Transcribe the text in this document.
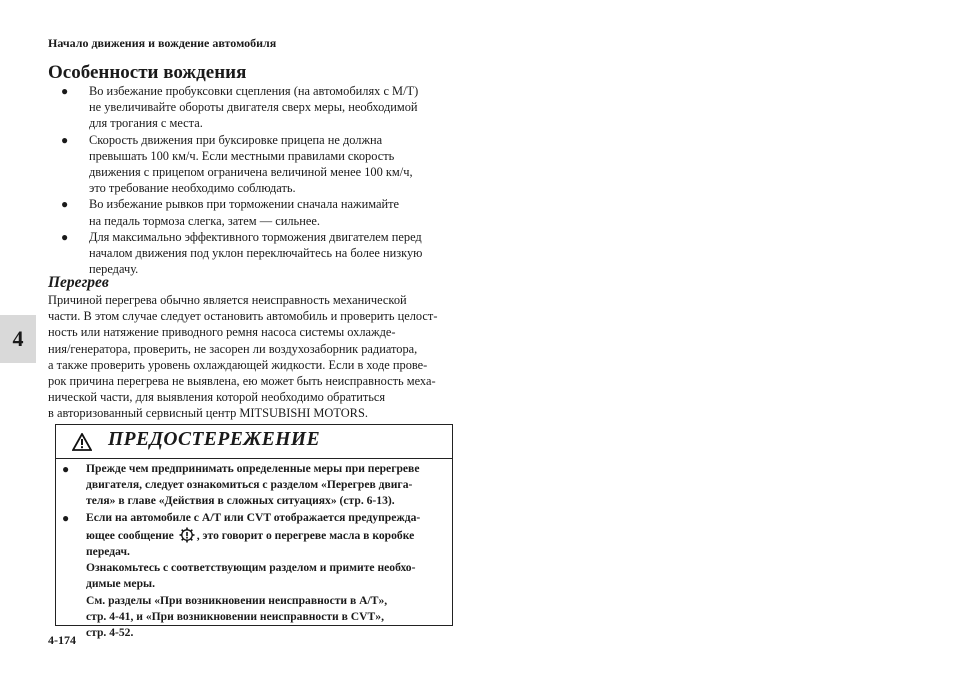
Начало движения и вождение автомобиля
4
Особенности вождения
● Во избежание пробуксовки сцепления (на автомобилях с М/Т)
не увеличивайте обороты двигателя сверх меры, необходимой
для трогания с места.
● Скорость движения при буксировке прицепа не должна
превышать 100 км/ч. Если местными правилами скорость
движения с прицепом ограничена величиной менее 100 км/ч,
это требование необходимо соблюдать.
● Во избежание рывков при торможении сначала нажимайте
на педаль тормоза слегка, затем — сильнее.
● Для максимально эффективного торможения двигателем перед
началом движения под уклон переключайтесь на более низкую
передачу.
Перегрев
Причиной перегрева обычно является неисправность механической
части. В этом случае следует остановить автомобиль и проверить целост-
ность или натяжение приводного ремня насоса системы охлажде-
ния/генератора, проверить, не засорен ли воздухозаборник радиатора,
а также проверить уровень охлаждающей жидкости. Если в ходе прове-
рок причина перегрева не выявлена, ею может быть неисправность меха-
нической части, для выявления которой необходимо обратиться
в авторизованный сервисный центр MITSUBISHI MOTORS.
ПРЕДОСТЕРЕЖЕНИЕ
● Прежде чем предпринимать определенные меры при перегреве
двигателя, следует ознакомиться с разделом «Перегрев двига-
теля» в главе «Действия в сложных ситуациях» (стр. 6-13).
● Если на автомобиле с A/T или CVT отображается предупрежда-
ющее сообщение , это говорит о перегреве масла в коробке
передач.
Ознакомьтесь с соответствующим разделом и примите необхо-
димые меры.
См. разделы «При возникновении неисправности в A/T»,
стр. 4-41, и «При возникновении неисправности в CVT»,
стр. 4-52.
4-174
